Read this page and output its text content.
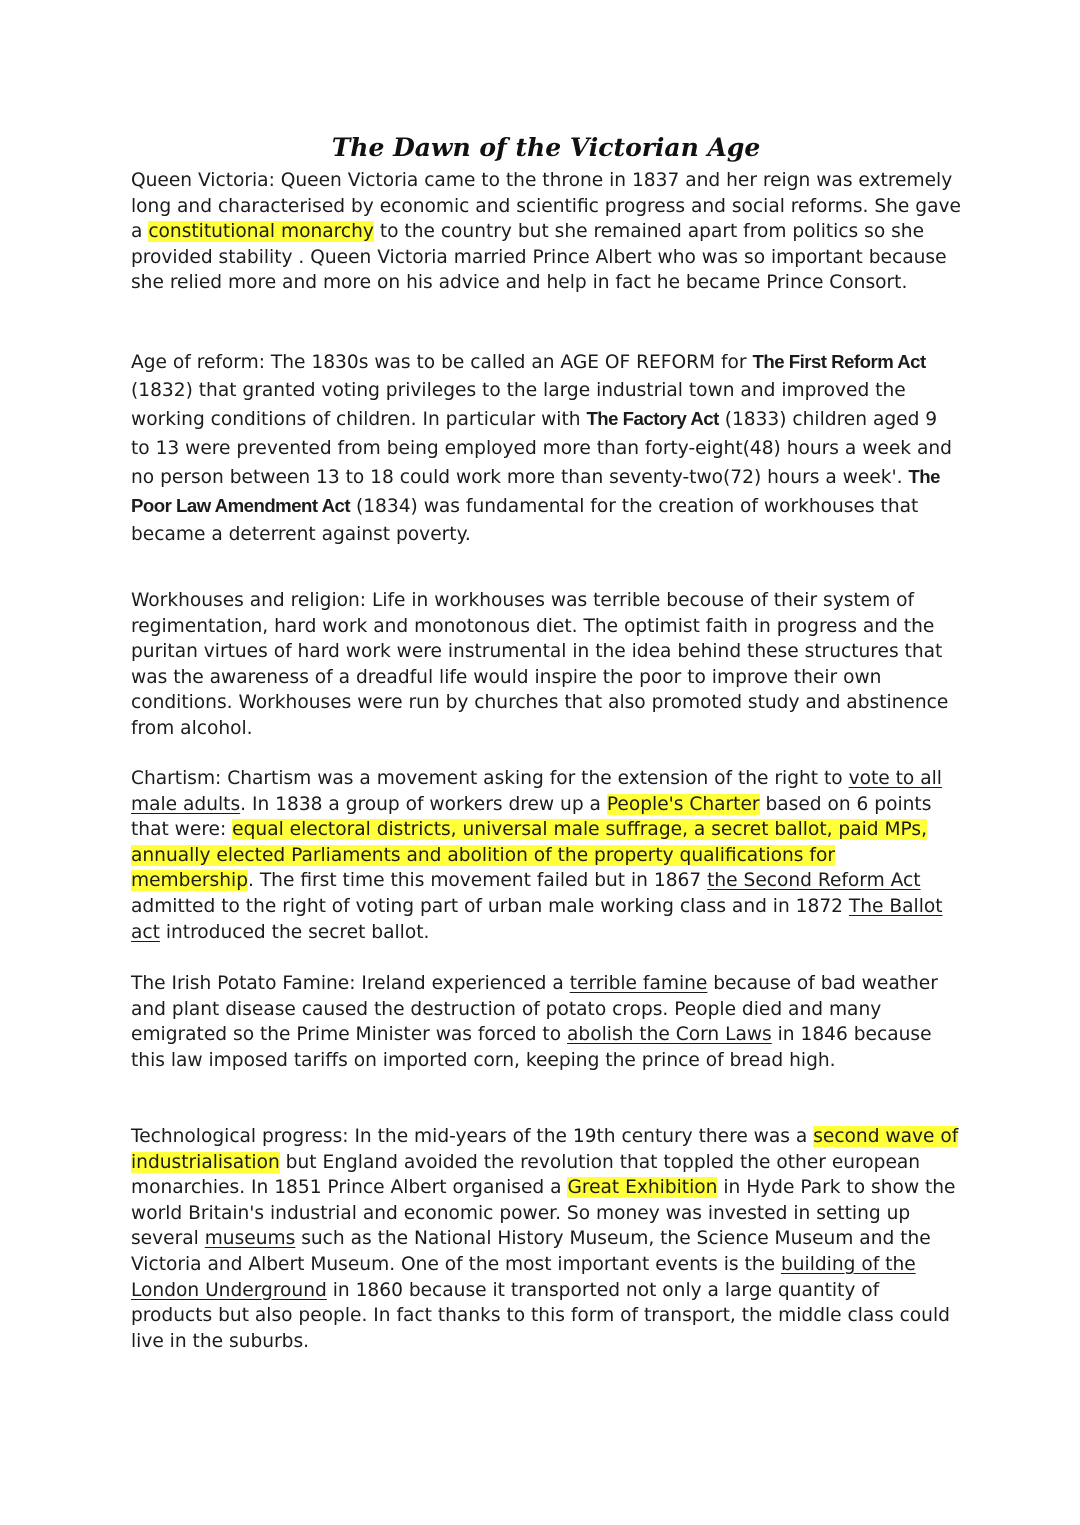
The Dawn of the Victorian Age

Queen Victoria: Queen Victoria came to the throne in 1837 and her reign was extremely long and characterised by economic and scientific progress and social reforms. She gave a constitutional monarchy to the country but she remained apart from politics so she provided stability . Queen Victoria married Prince Albert who was so important because she relied more and more on his advice and help in fact he became Prince Consort.

Age of reform: The 1830s was to be called an AGE OF REFORM for The First Reform Act (1832) that granted voting privileges to the large industrial town and improved the working conditions of children. In particular with The Factory Act (1833) children aged 9 to 13 were prevented from being employed more than forty-eight(48) hours a week and no person between 13 to 18 could work more than seventy-two(72) hours a week'. The Poor Law Amendment Act (1834) was fundamental for the creation of workhouses that became a deterrent against poverty.

Workhouses and religion: Life in workhouses was terrible becouse of their system of regimentation, hard work and monotonous diet. The optimist faith in progress and the puritan virtues of hard work were instrumental in the idea behind these structures that was the awareness of a dreadful life would inspire the poor to improve their own conditions. Workhouses were run by churches that also promoted study and abstinence from alcohol.

Chartism: Chartism was a movement asking for the extension of the right to vote to all male adults. In 1838 a group of workers drew up a People's Charter based on 6 points that were: equal electoral districts, universal male suffrage, a secret ballot, paid MPs, annually elected Parliaments and abolition of the property qualifications for membership. The first time this movement failed but in 1867 the Second Reform Act admitted to the right of voting part of urban male working class and in 1872 The Ballot act introduced the secret ballot.

The Irish Potato Famine: Ireland experienced a terrible famine because of bad weather and plant disease caused the destruction of potato crops. People died and many emigrated so the Prime Minister was forced to abolish the Corn Laws in 1846 because this law imposed tariffs on imported corn, keeping the prince of bread high.

Technological progress: In the mid-years of the 19th century there was a second wave of industrialisation but England avoided the revolution that toppled the other european monarchies. In 1851 Prince Albert organised a Great Exhibition in Hyde Park to show the world Britain's industrial and economic power. So money was invested in setting up several museums such as the National History Museum, the Science Museum and the Victoria and Albert Museum. One of the most important events is the building of the London Underground in 1860 because it transported not only a large quantity of products but also people. In fact thanks to this form of transport, the middle class could live in the suburbs.
